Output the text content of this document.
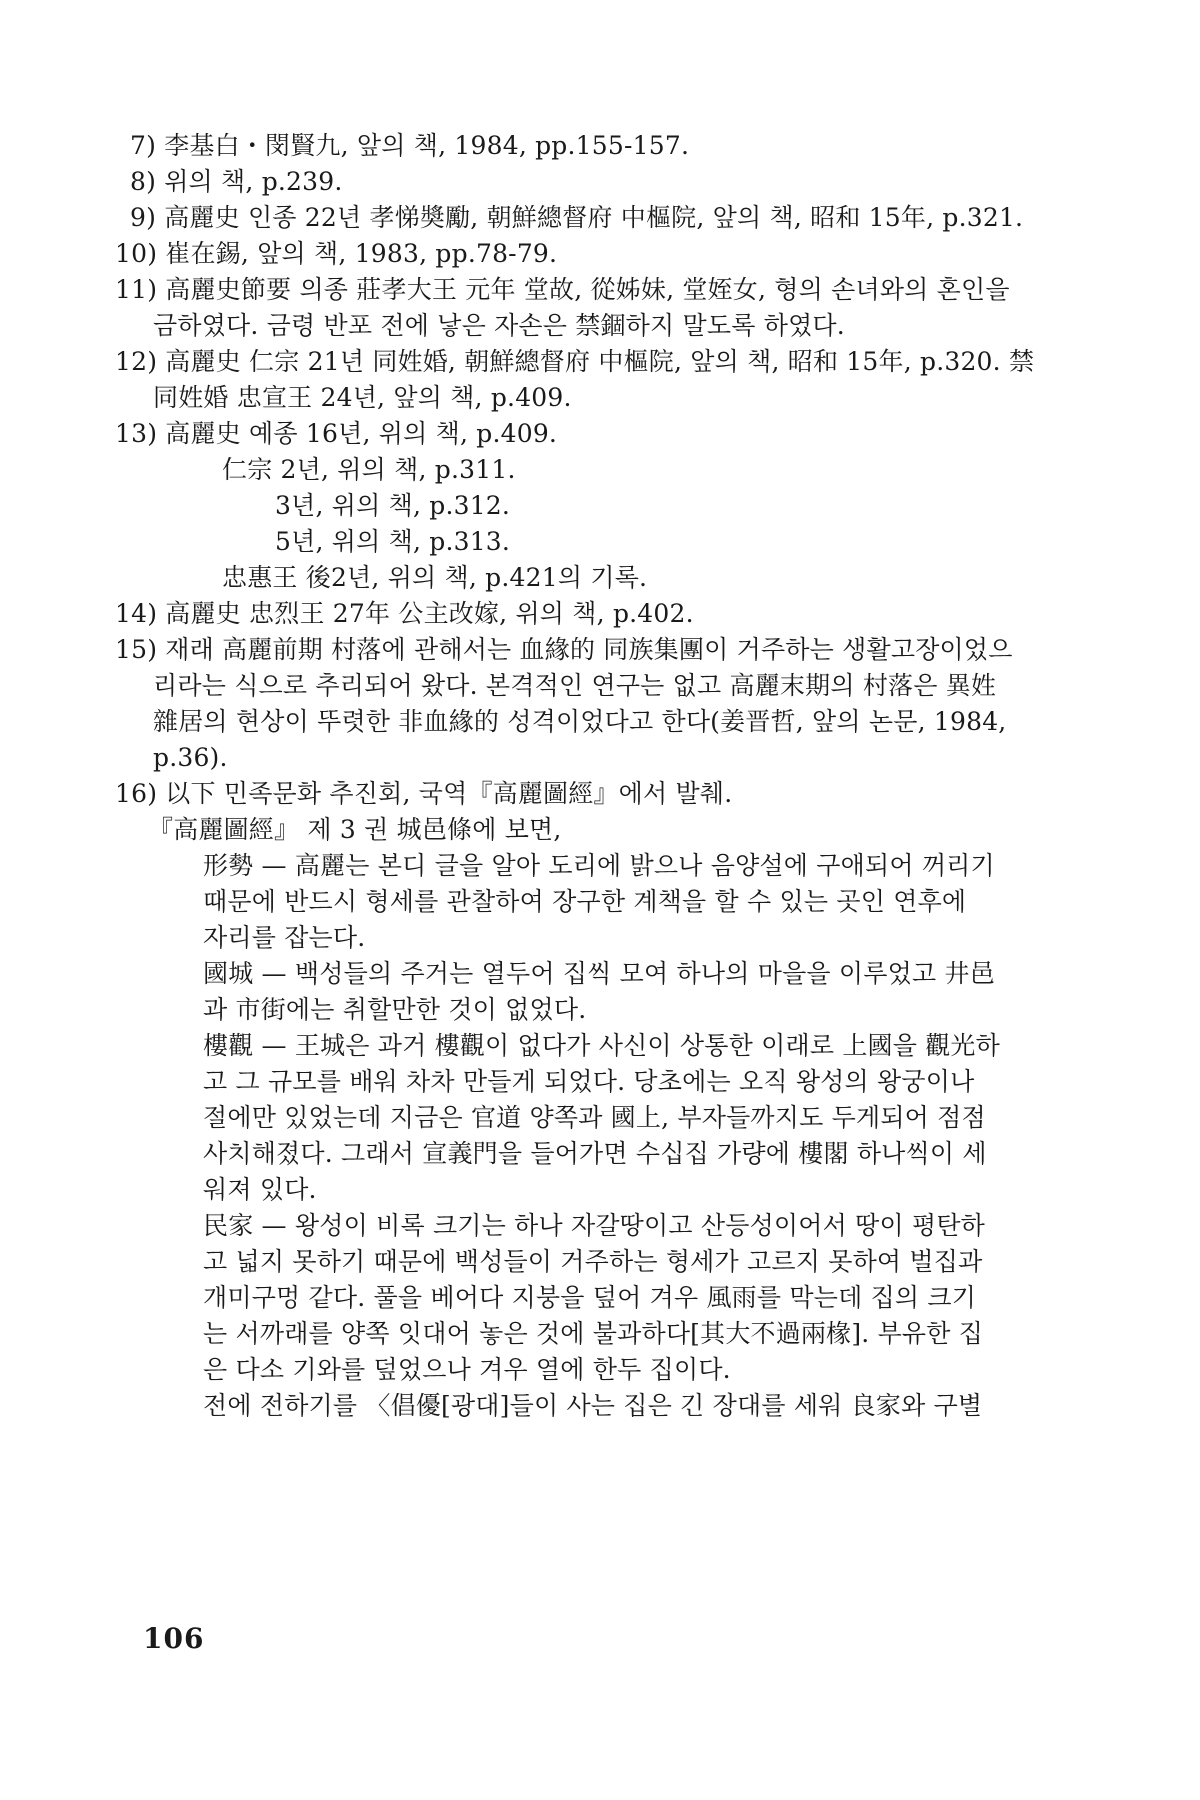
7) 李基白・閔賢九, 앞의 책, 1984, pp.155-157.
8) 위의 책, p.239.
9) 高麗史 인종 22년 孝悌奬勵, 朝鮮總督府 中樞院, 앞의 책, 昭和 15年, p.321.
10) 崔在錫, 앞의 책, 1983, pp.78-79.
11) 高麗史節要 의종 莊孝大王 元年 堂故, 從姊妹, 堂姪女, 형의 손녀와의 혼인을
금하였다. 금령 반포 전에 낳은 자손은 禁錮하지 말도록 하였다.
12) 高麗史 仁宗 21년 同姓婚, 朝鮮總督府 中樞院, 앞의 책, 昭和 15年, p.320. 禁
同姓婚 忠宣王 24년, 앞의 책, p.409.
13) 高麗史 예종 16년, 위의 책, p.409.
仁宗 2년, 위의 책, p.311.
3년, 위의 책, p.312.
5년, 위의 책, p.313.
忠惠王 後2년, 위의 책, p.421의 기록.
14) 高麗史 忠烈王 27年 公主改嫁, 위의 책, p.402.
15) 재래 高麗前期 村落에 관해서는 血緣的 同族集團이 거주하는 생활고장이었으
리라는 식으로 추리되어 왔다. 본격적인 연구는 없고 高麗末期의 村落은 異姓
雜居의 현상이 뚜렷한 非血緣的 성격이었다고 한다(姜晋哲, 앞의 논문, 1984,
p.36).
16) 以下 민족문화 추진회, 국역『高麗圖經』에서 발췌.
『高麗圖經』 제 3 권 城邑條에 보면,
形勢 — 高麗는 본디 글을 알아 도리에 밝으나 음양설에 구애되어 꺼리기
때문에 반드시 형세를 관찰하여 장구한 계책을 할 수 있는 곳인 연후에
자리를 잡는다.
國城 — 백성들의 주거는 열두어 집씩 모여 하나의 마을을 이루었고 井邑
과 市街에는 취할만한 것이 없었다.
樓觀 — 王城은 과거 樓觀이 없다가 사신이 상통한 이래로 上國을 觀光하
고 그 규모를 배워 차차 만들게 되었다. 당초에는 오직 왕성의 왕궁이나
절에만 있었는데 지금은 官道 양쪽과 國上, 부자들까지도 두게되어 점점
사치해졌다. 그래서 宣義門을 들어가면 수십집 가량에 樓閣 하나씩이 세
워져 있다.
民家 — 왕성이 비록 크기는 하나 자갈땅이고 산등성이어서 땅이 평탄하
고 넓지 못하기 때문에 백성들이 거주하는 형세가 고르지 못하여 벌집과
개미구멍 같다. 풀을 베어다 지붕을 덮어 겨우 風雨를 막는데 집의 크기
는 서까래를 양쪽 잇대어 놓은 것에 불과하다[其大不過兩椽]. 부유한 집
은 다소 기와를 덮었으나 겨우 열에 한두 집이다.
전에 전하기를 〈倡優[광대]들이 사는 집은 긴 장대를 세워 良家와 구별
106
